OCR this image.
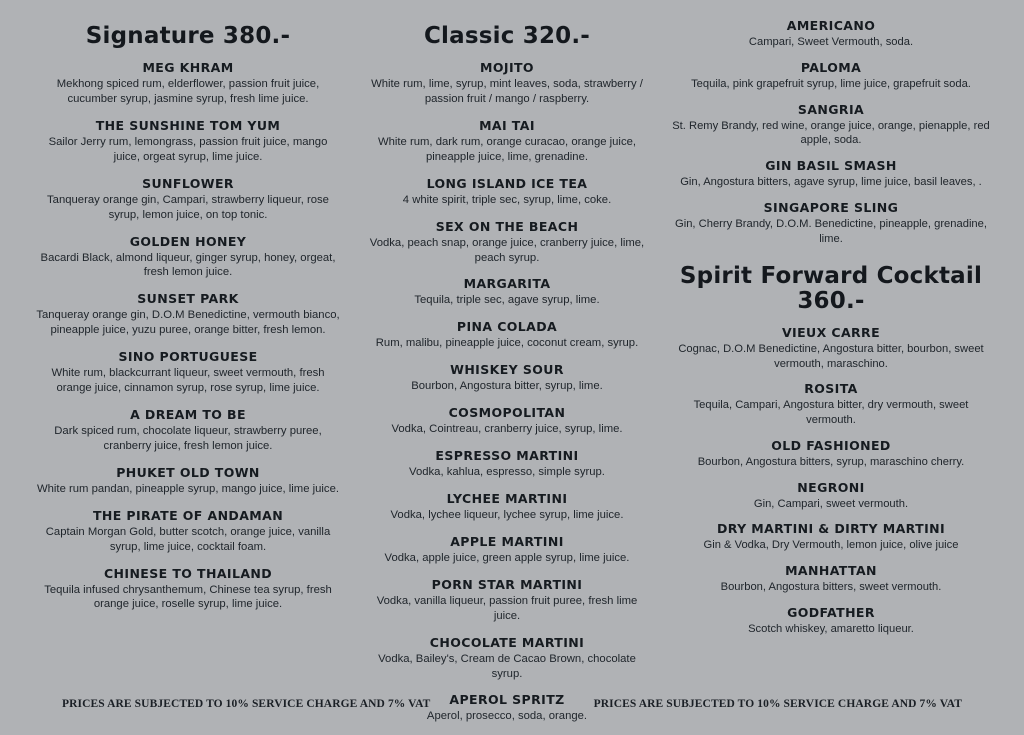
Signature 380.-
MEG KHRAM
Mekhong spiced rum, elderflower, passion fruit juice, cucumber syrup, jasmine syrup, fresh lime juice.
THE SUNSHINE TOM YUM
Sailor Jerry rum, lemongrass, passion fruit juice, mango juice, orgeat syrup, lime juice.
SUNFLOWER
Tanqueray orange gin, Campari, strawberry liqueur, rose syrup, lemon juice, on top tonic.
GOLDEN HONEY
Bacardi Black, almond liqueur, ginger syrup, honey, orgeat, fresh lemon juice.
SUNSET PARK
Tanqueray orange gin, D.O.M Benedictine, vermouth bianco, pineapple juice, yuzu puree, orange bitter, fresh lemon.
SINO PORTUGUESE
White rum, blackcurrant liqueur, sweet vermouth, fresh orange juice, cinnamon syrup, rose syrup, lime juice.
A DREAM TO BE
Dark spiced rum, chocolate liqueur, strawberry puree, cranberry juice, fresh lemon juice.
PHUKET OLD TOWN
White rum pandan, pineapple syrup, mango juice, lime juice.
THE PIRATE OF ANDAMAN
Captain Morgan Gold, butter scotch, orange juice, vanilla syrup, lime juice, cocktail foam.
CHINESE TO THAILAND
Tequila infused chrysanthemum, Chinese tea syrup, fresh orange juice, roselle syrup, lime juice.
Classic 320.-
MOJITO
White rum, lime, syrup, mint leaves, soda, strawberry / passion fruit / mango / raspberry.
MAI TAI
White rum, dark rum, orange curacao, orange juice, pineapple juice, lime, grenadine.
LONG ISLAND ICE TEA
4 white spirit, triple sec, syrup, lime, coke.
SEX ON THE BEACH
Vodka, peach snap, orange juice, cranberry juice, lime, peach syrup.
MARGARITA
Tequila, triple sec, agave syrup, lime.
PINA COLADA
Rum, malibu, pineapple juice, coconut cream, syrup.
WHISKEY SOUR
Bourbon, Angostura bitter, syrup, lime.
COSMOPOLITAN
Vodka, Cointreau, cranberry juice, syrup, lime.
ESPRESSO MARTINI
Vodka, kahlua, espresso, simple syrup.
LYCHEE MARTINI
Vodka, lychee liqueur, lychee syrup, lime juice.
APPLE MARTINI
Vodka, apple juice, green apple syrup, lime juice.
PORN STAR MARTINI
Vodka, vanilla liqueur, passion fruit puree, fresh lime juice.
CHOCOLATE MARTINI
Vodka, Bailey's, Cream de Cacao Brown, chocolate syrup.
APEROL SPRITZ
Aperol, prosecco, soda, orange.
AMERICANO
Campari, Sweet Vermouth, soda.
PALOMA
Tequila, pink grapefruit syrup, lime juice, grapefruit soda.
SANGRIA
St. Remy Brandy, red wine, orange juice, orange, pienapple, red apple, soda.
GIN BASIL SMASH
Gin, Angostura bitters, agave syrup, lime juice, basil leaves, .
SINGAPORE SLING
Gin, Cherry Brandy, D.O.M. Benedictine, pineapple, grenadine, lime.
Spirit Forward Cocktail 360.-
VIEUX CARRE
Cognac, D.O.M Benedictine, Angostura bitter, bourbon, sweet vermouth, maraschino.
ROSITA
Tequila, Campari, Angostura bitter, dry vermouth, sweet vermouth.
OLD FASHIONED
Bourbon, Angostura bitters, syrup, maraschino cherry.
NEGRONI
Gin, Campari, sweet vermouth.
DRY MARTINI & DIRTY MARTINI
Gin & Vodka, Dry Vermouth, lemon juice, olive juice
MANHATTAN
Bourbon, Angostura bitters, sweet vermouth.
GODFATHER
Scotch whiskey, amaretto liqueur.
PRICES ARE SUBJECTED TO 10% SERVICE CHARGE AND 7% VAT	PRICES ARE SUBJECTED TO 10% SERVICE CHARGE AND 7% VAT
